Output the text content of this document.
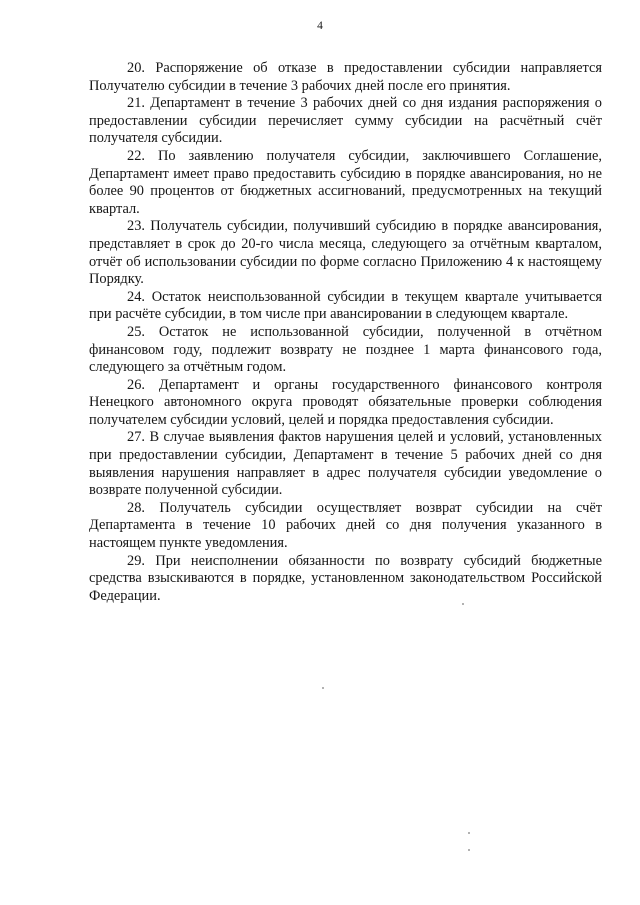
4

20. Распоряжение об отказе в предоставлении субсидии направляется Получателю субсидии в течение 3 рабочих дней после его принятия.

21. Департамент в течение 3 рабочих дней со дня издания распоряжения о предоставлении субсидии перечисляет сумму субсидии на расчётный счёт получателя субсидии.

22. По заявлению получателя субсидии, заключившего Соглашение, Департамент имеет право предоставить субсидию в порядке авансирования, но не более 90 процентов от бюджетных ассигнований, предусмотренных на текущий квартал.

23. Получатель субсидии, получивший субсидию в порядке авансирования, представляет в срок до 20-го числа месяца, следующего за отчётным кварталом, отчёт об использовании субсидии по форме согласно Приложению 4 к настоящему Порядку.

24. Остаток неиспользованной субсидии в текущем квартале учитывается при расчёте субсидии, в том числе при авансировании в следующем квартале.

25. Остаток не использованной субсидии, полученной в отчётном финансовом году, подлежит возврату не позднее 1 марта финансового года, следующего за отчётным годом.

26. Департамент и органы государственного финансового контроля Ненецкого автономного округа проводят обязательные проверки соблюдения получателем субсидии условий, целей и порядка предоставления субсидии.

27. В случае выявления фактов нарушения целей и условий, установленных при предоставлении субсидии, Департамент в течение 5 рабочих дней со дня выявления нарушения направляет в адрес получателя субсидии уведомление о возврате полученной субсидии.

28. Получатель субсидии осуществляет возврат субсидии на счёт Департамента в течение 10 рабочих дней со дня получения указанного в настоящем пункте уведомления.

29. При неисполнении обязанности по возврату субсидий бюджетные средства взыскиваются в порядке, установленном законодательством Российской Федерации.
